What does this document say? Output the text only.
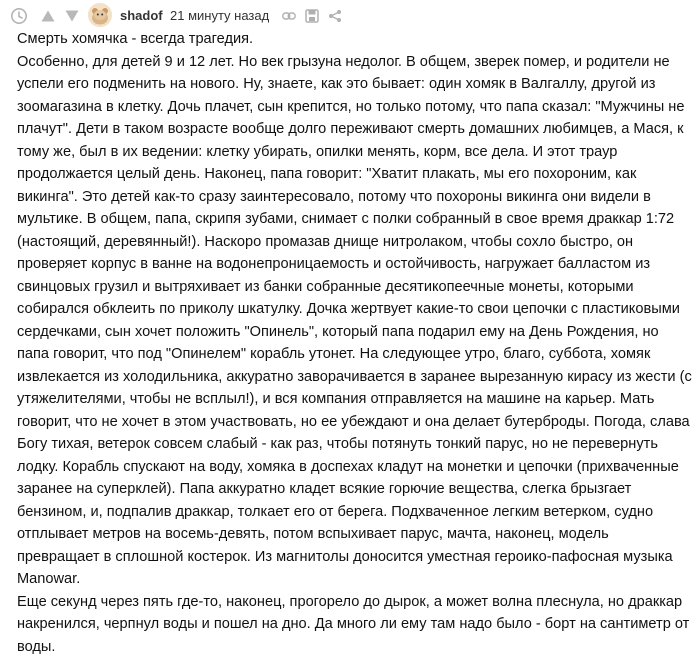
shadof 21 минуту назад

Смерть хомячка - всегда трагедия.

Особенно, для детей 9 и 12 лет. Но век грызуна недолог. В общем, зверек помер, и родители не успели его подменить на нового. Ну, знаете, как это бывает: один хомяк в Валгаллу, другой из зоомагазина в клетку. Дочь плачет, сын крепится, но только потому, что папа сказал: "Мужчины не плачут". Дети в таком возрасте вообще долго переживают смерть домашних любимцев, а Мася, к тому же, был в их ведении: клетку убирать, опилки менять, корм, все дела. И этот траур продолжается целый день. Наконец, папа говорит: "Хватит плакать, мы его похороним, как викинга". Это детей как-то сразу заинтересовало, потому что похороны викинга они видели в мультике. В общем, папа, скрипя зубами, снимает с полки собранный в свое время драккар 1:72 (настоящий, деревянный!). Наскоро промазав днище нитролаком, чтобы сохло быстро, он проверяет корпус в ванне на водонепроницаемость и остойчивость, нагружает балластом из свинцовых грузил и вытряхивает из банки собранные десятикопеечные монеты, которыми собирался обклеить по приколу шкатулку. Дочка жертвует какие-то свои цепочки с пластиковыми сердечками, сын хочет положить "Опинель", который папа подарил ему на День Рождения, но папа говорит, что под "Опинелем" корабль утонет. На следующее утро, благо, суббота, хомяк извлекается из холодильника, аккуратно заворачивается в заранее вырезанную кирасу из жести (с утяжелителями, чтобы не всплыл!), и вся компания отправляется на машине на карьер. Мать говорит, что не хочет в этом участвовать, но ее убеждают и она делает бутерброды. Погода, слава Богу тихая, ветерок совсем слабый - как раз, чтобы потянуть тонкий парус, но не перевернуть лодку. Корабль спускают на воду, хомяка в доспехах кладут на монетки и цепочки (прихваченные заранее на суперклей). Папа аккуратно кладет всякие горючие вещества, слегка брызгает бензином, и, подпалив драккар, толкает его от берега. Подхваченное легким ветерком, судно отплывает метров на восемь-девять, потом вспыхивает парус, мачта, наконец, модель превращает в сплошной костерок. Из магнитолы доносится уместная героико-пафосная музыка Manowar.

Еще секунд через пять где-то, наконец, прогорело до дырок, а может волна плеснула, но драккар накренился, черпнул воды и пошел на дно. Да много ли ему там надо было - борт на сантиметр от воды.
